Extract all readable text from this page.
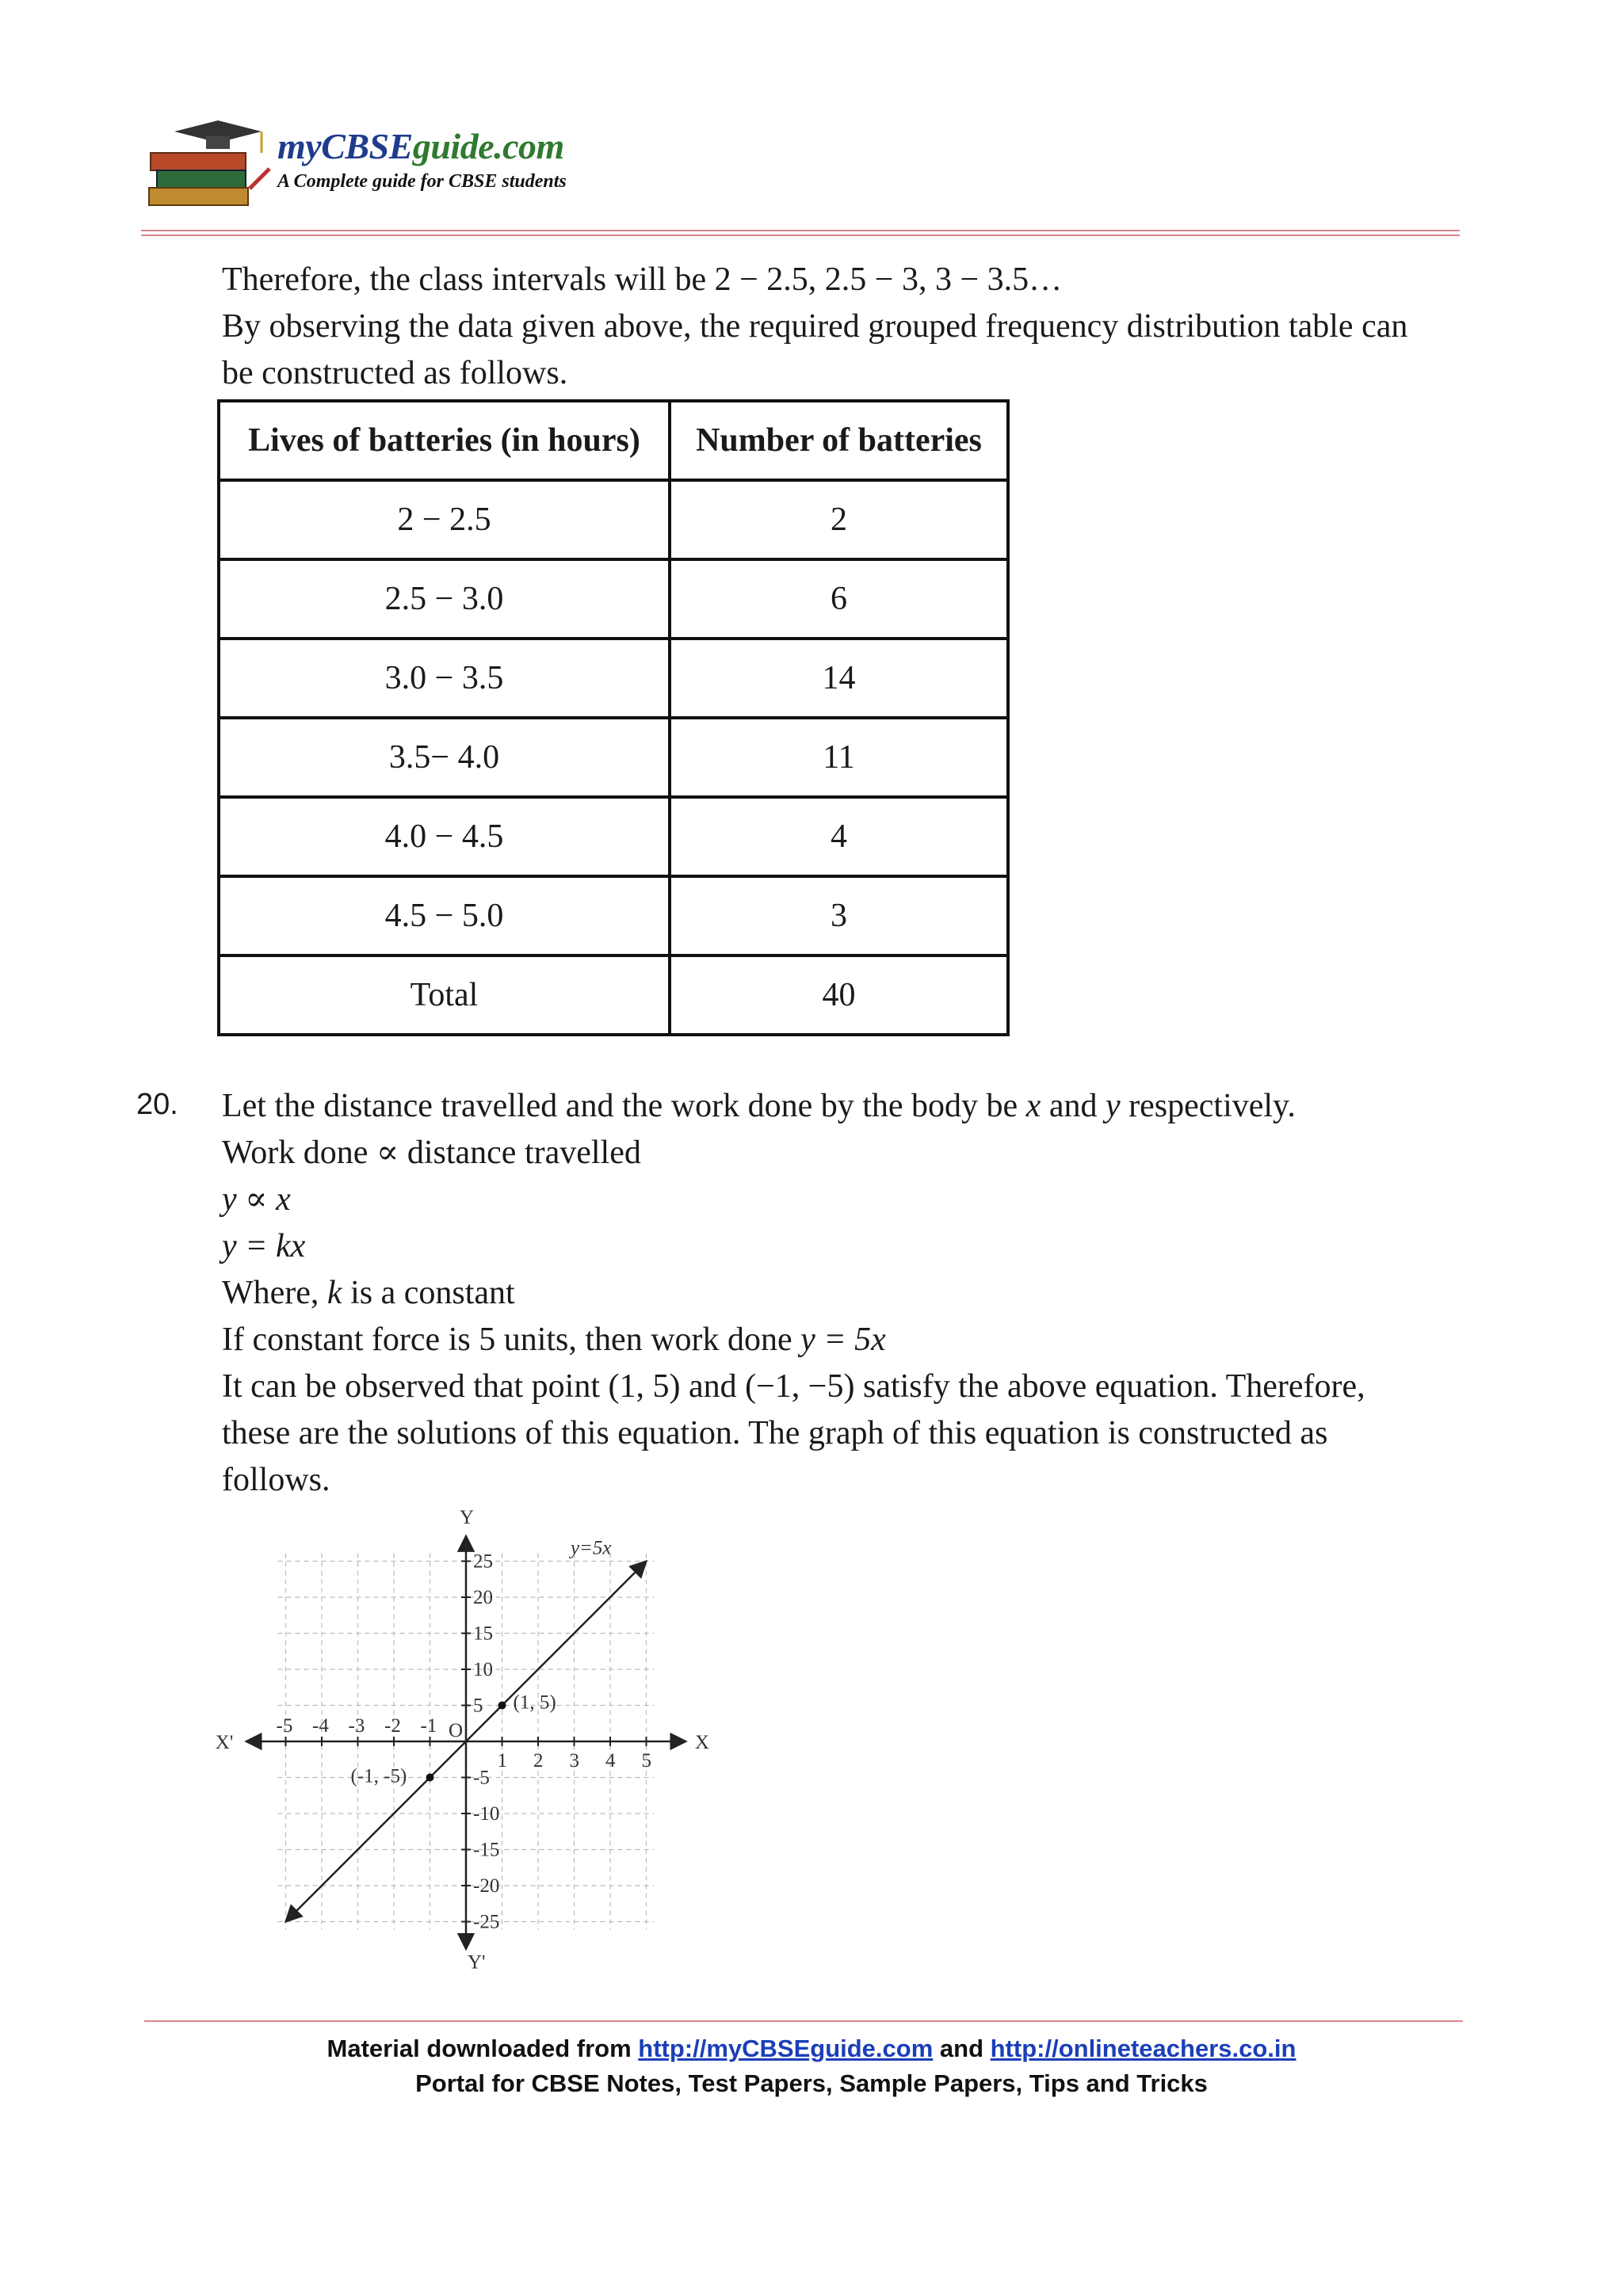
myCBSEguide.com
A Complete guide for CBSE students

Therefore, the class intervals will be 2 − 2.5, 2.5 − 3, 3 − 3.5…

By observing the data given above, the required grouped frequency distribution table can

be constructed as follows.

Lives of batteries (in hours)	Number of batteries
2 − 2.5	2
2.5 − 3.0	6
3.0 − 3.5	14
3.5− 4.0	11
4.0 − 4.5	4
4.5 − 5.0	3
Total	40
20. Let the distance travelled and the work done by the body be x and y respectively.

Work done ∝ distance travelled

y ∝ x

y = kx

Where, k is a constant

If constant force is 5 units, then work done y = 5x

It can be observed that point (1, 5) and (−1, −5) satisfy the above equation. Therefore,

these are the solutions of this equation. The graph of this equation is constructed as

follows.

X
X'
Y
Y'
O
-5 -4 -3 -2 -1
1 2 3 4 5
25
20
15
10
5
-5
-10
-15
-20
-25
y=5x
(1, 5)
(-1, -5)
Material downloaded from http://myCBSEguide.com and http://onlineteachers.co.in
Portal for CBSE Notes, Test Papers, Sample Papers, Tips and Tricks
